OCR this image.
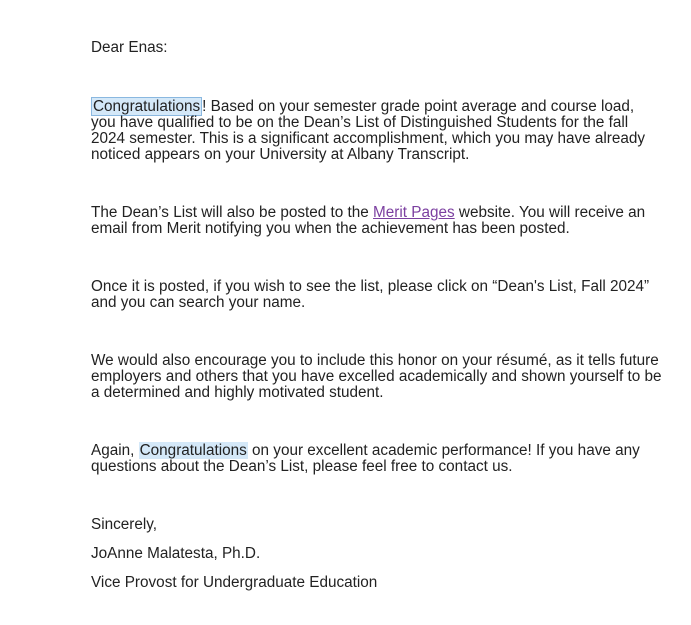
Dear Enas:

Congratulations ! Based on your semester grade point average and course load, you have qualified to be on the Dean’s List of Distinguished Students for the fall 2024 semester. This is a significant accomplishment, which you may have already noticed appears on your University at Albany Transcript.

The Dean’s List will also be posted to the Merit Pages website. You will receive an email from Merit notifying you when the achievement has been posted.

Once it is posted, if you wish to see the list, please click on “Dean's List, Fall 2024” and you can search your name.

We would also encourage you to include this honor on your résumé, as it tells future employers and others that you have excelled academically and shown yourself to be a determined and highly motivated student.

Again, Congratulations on your excellent academic performance! If you have any questions about the Dean’s List, please feel free to contact us.

Sincerely,
JoAnne Malatesta, Ph.D.
Vice Provost for Undergraduate Education
